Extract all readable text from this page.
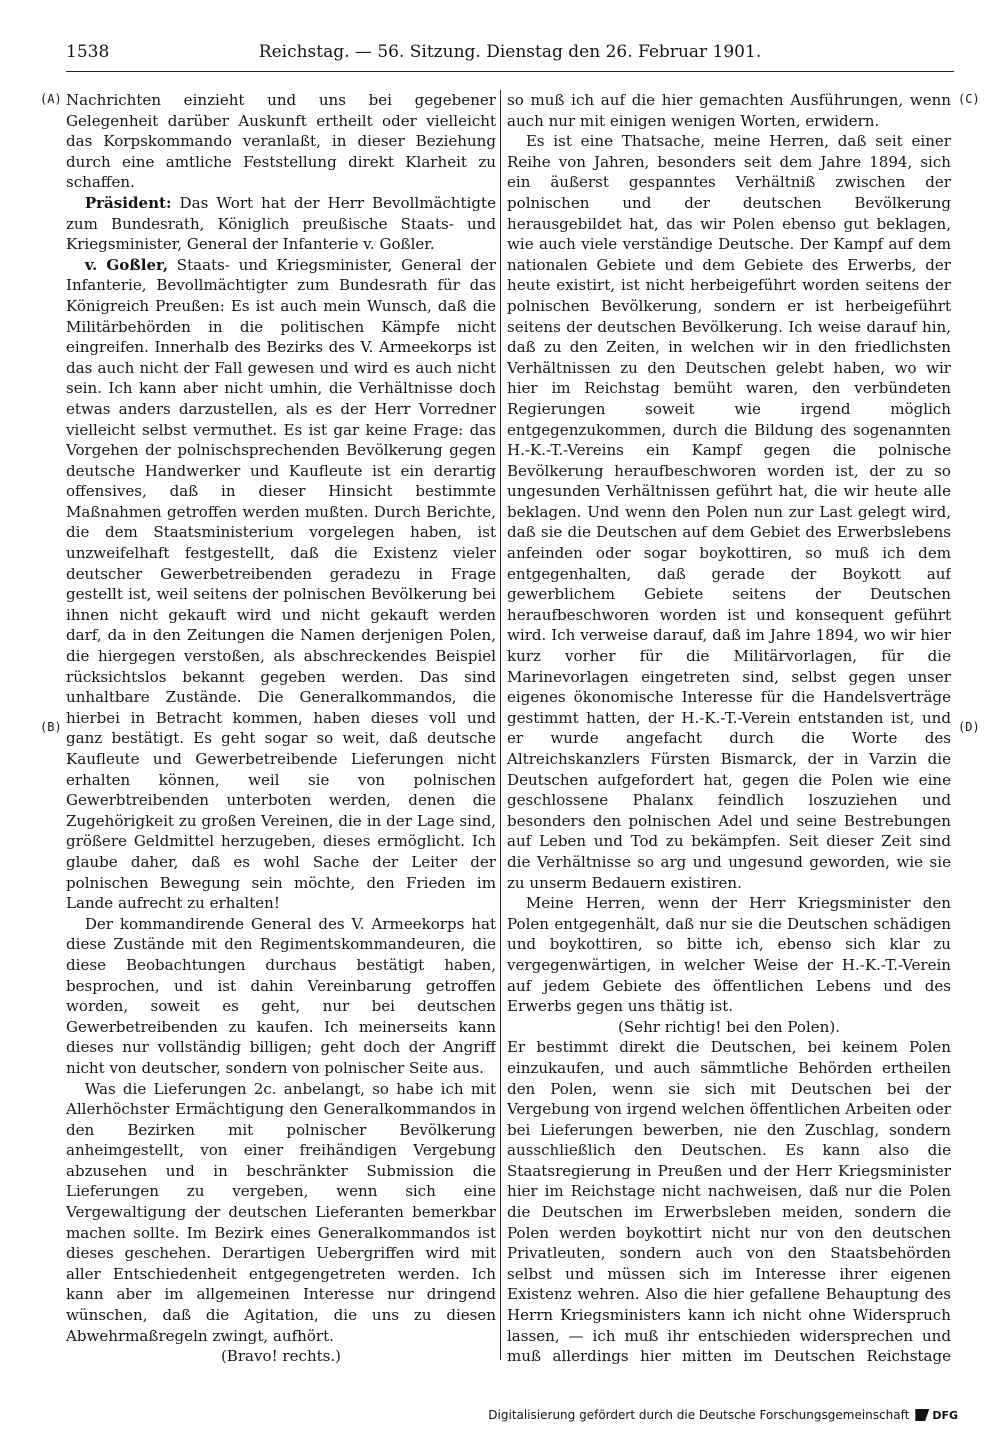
1538	Reichstag. — 56. Sitzung. Dienstag den 26. Februar 1901.
(A)
(B)
(C)
(D)

Nachrichten einzieht und uns bei gegebener Gelegenheit darüber Auskunft ertheilt oder vielleicht das Korpskommando veranlaßt, in dieser Beziehung durch eine amtliche Feststellung direkt Klarheit zu schaffen.

Präsident: Das Wort hat der Herr Bevollmächtigte zum Bundesrath, Königlich preußische Staats- und Kriegsminister, General der Infanterie v. Goßler.

v. Goßler, Staats- und Kriegsminister, General der Infanterie, Bevollmächtigter zum Bundesrath für das Königreich Preußen: Es ist auch mein Wunsch, daß die Militärbehörden in die politischen Kämpfe nicht eingreifen. Innerhalb des Bezirks des V. Armeekorps ist das auch nicht der Fall gewesen und wird es auch nicht sein. Ich kann aber nicht umhin, die Verhältnisse doch etwas anders darzustellen, als es der Herr Vorredner vielleicht selbst vermuthet. Es ist gar keine Frage: das Vorgehen der polnischsprechenden Bevölkerung gegen deutsche Handwerker und Kaufleute ist ein derartig offensives, daß in dieser Hinsicht bestimmte Maßnahmen getroffen werden mußten. Durch Berichte, die dem Staatsministerium vorgelegen haben, ist unzweifelhaft festgestellt, daß die Existenz vieler deutscher Gewerbetreibenden geradezu in Frage gestellt ist, weil seitens der polnischen Bevölkerung bei ihnen nicht gekauft wird und nicht gekauft werden darf, da in den Zeitungen die Namen derjenigen Polen, die hiergegen verstoßen, als abschreckendes Beispiel rücksichtslos bekannt gegeben werden. Das sind unhaltbare Zustände. Die Generalkommandos, die hierbei in Betracht kommen, haben dieses voll und ganz bestätigt. Es geht sogar so weit, daß deutsche Kaufleute und Gewerbetreibende Lieferungen nicht erhalten können, weil sie von polnischen Gewerbtreibenden unterboten werden, denen die Zugehörigkeit zu großen Vereinen, die in der Lage sind, größere Geldmittel herzugeben, dieses ermöglicht. Ich glaube daher, daß es wohl Sache der Leiter der polnischen Bewegung sein möchte, den Frieden im Lande aufrecht zu erhalten!

Der kommandirende General des V. Armeekorps hat diese Zustände mit den Regimentskommandeuren, die diese Beobachtungen durchaus bestätigt haben, besprochen, und ist dahin Vereinbarung getroffen worden, soweit es geht, nur bei deutschen Gewerbetreibenden zu kaufen. Ich meinerseits kann dieses nur vollständig billigen; geht doch der Angriff nicht von deutscher, sondern von polnischer Seite aus.

Was die Lieferungen 2c. anbelangt, so habe ich mit Allerhöchster Ermächtigung den Generalkommandos in den Bezirken mit polnischer Bevölkerung anheimgestellt, von einer freihändigen Vergebung abzusehen und in beschränkter Submission die Lieferungen zu vergeben, wenn sich eine Vergewaltigung der deutschen Lieferanten bemerkbar machen sollte. Im Bezirk eines Generalkommandos ist dieses geschehen. Derartigen Uebergriffen wird mit aller Entschiedenheit entgegengetreten werden. Ich kann aber im allgemeinen Interesse nur dringend wünschen, daß die Agitation, die uns zu diesen Abwehrmaßregeln zwingt, aufhört.

(Bravo! rechts.)

so muß ich auf die hier gemachten Ausführungen, wenn auch nur mit einigen wenigen Worten, erwidern.

Es ist eine Thatsache, meine Herren, daß seit einer Reihe von Jahren, besonders seit dem Jahre 1894, sich ein äußerst gespanntes Verhältniß zwischen der polnischen und der deutschen Bevölkerung herausgebildet hat, das wir Polen ebenso gut beklagen, wie auch viele verständige Deutsche. Der Kampf auf dem nationalen Gebiete und dem Gebiete des Erwerbs, der heute existirt, ist nicht herbeigeführt worden seitens der polnischen Bevölkerung, sondern er ist herbeigeführt seitens der deutschen Bevölkerung. Ich weise darauf hin, daß zu den Zeiten, in welchen wir in den friedlichsten Verhältnissen zu den Deutschen gelebt haben, wo wir hier im Reichstag bemüht waren, den verbündeten Regierungen soweit wie irgend möglich entgegenzukommen, durch die Bildung des sogenannten H.-K.-T.-Vereins ein Kampf gegen die polnische Bevölkerung heraufbeschworen worden ist, der zu so ungesunden Verhältnissen geführt hat, die wir heute alle beklagen. Und wenn den Polen nun zur Last gelegt wird, daß sie die Deutschen auf dem Gebiet des Erwerbslebens anfeinden oder sogar boykottiren, so muß ich dem entgegenhalten, daß gerade der Boykott auf gewerblichem Gebiete seitens der Deutschen heraufbeschworen worden ist und konsequent geführt wird. Ich verweise darauf, daß im Jahre 1894, wo wir hier kurz vorher für die Militärvorlagen, für die Marinevorlagen eingetreten sind, selbst gegen unser eigenes ökonomische Interesse für die Handelsverträge gestimmt hatten, der H.-K.-T.-Verein entstanden ist, und er wurde angefacht durch die Worte des Altreichskanzlers Fürsten Bismarck, der in Varzin die Deutschen aufgefordert hat, gegen die Polen wie eine geschlossene Phalanx feindlich loszuziehen und besonders den polnischen Adel und seine Bestrebungen auf Leben und Tod zu bekämpfen. Seit dieser Zeit sind die Verhältnisse so arg und ungesund geworden, wie sie zu unserm Bedauern existiren.

Meine Herren, wenn der Herr Kriegsminister den Polen entgegenhält, daß nur sie die Deutschen schädigen und boykottiren, so bitte ich, ebenso sich klar zu vergegenwärtigen, in welcher Weise der H.-K.-T.-Verein auf jedem Gebiete des öffentlichen Lebens und des Erwerbs gegen uns thätig ist.

(Sehr richtig! bei den Polen).

Er bestimmt direkt die Deutschen, bei keinem Polen einzukaufen, und auch sämmtliche Behörden ertheilen den Polen, wenn sie sich mit Deutschen bei der Vergebung von irgend welchen öffentlichen Arbeiten oder bei Lieferungen bewerben, nie den Zuschlag, sondern ausschließlich den Deutschen. Es kann also die Staatsregierung in Preußen und der Herr Kriegsminister hier im Reichstage nicht nachweisen, daß nur die Polen die Deutschen im Erwerbsleben meiden, sondern die Polen werden boykottirt nicht nur von den deutschen Privatleuten, sondern auch von den Staatsbehörden selbst und müssen sich im Interesse ihrer eigenen Existenz wehren. Also die hier gefallene Behauptung des Herrn Kriegsministers kann ich nicht ohne Widerspruch lassen, — ich muß ihr entschieden widersprechen und muß allerdings hier mitten im Deutschen Reichstage

Digitalisierung gefördert durch die Deutsche Forschungsgemeinschaft DFG
